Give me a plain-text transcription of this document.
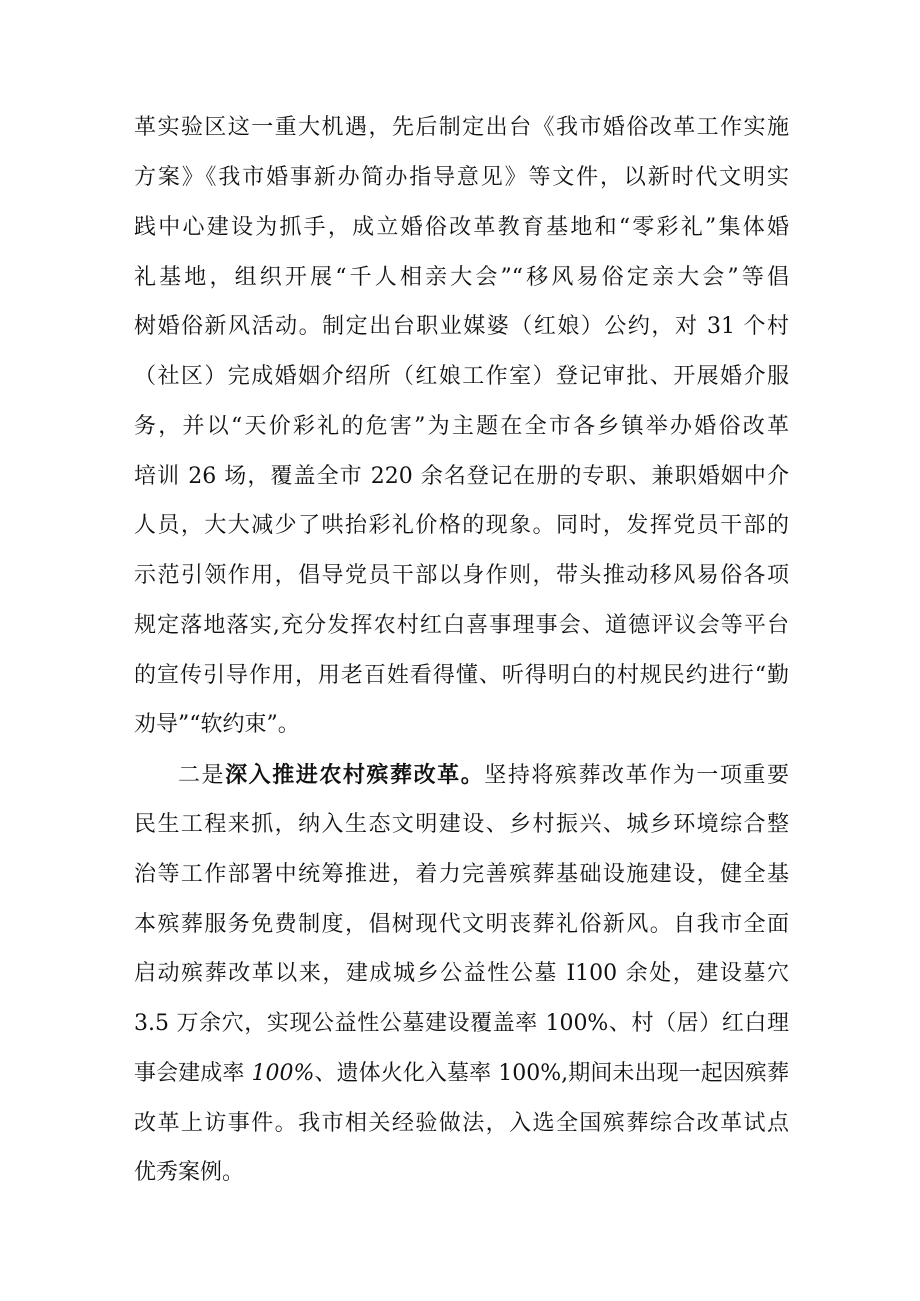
革实验区这一重大机遇，先后制定出台《我市婚俗改革工作实施
方案》《我市婚事新办简办指导意见》等文件，以新时代文明实
践中心建设为抓手，成立婚俗改革教育基地和“零彩礼”集体婚
礼基地，组织开展“千人相亲大会”“移风易俗定亲大会”等倡
树婚俗新风活动。制定出台职业媒婆（红娘）公约，对 31 个村
（社区）完成婚姻介绍所（红娘工作室）登记审批、开展婚介服
务，并以“天价彩礼的危害”为主题在全市各乡镇举办婚俗改革
培训 26 场，覆盖全市 220 余名登记在册的专职、兼职婚姻中介
人员，大大减少了哄抬彩礼价格的现象。同时，发挥党员干部的
示范引领作用，倡导党员干部以身作则，带头推动移风易俗各项
规定落地落实,充分发挥农村红白喜事理事会、道德评议会等平台
的宣传引导作用，用老百姓看得懂、听得明白的村规民约进行“勤
劝导”“软约束”。
二是深入推进农村殡葬改革。坚持将殡葬改革作为一项重要
民生工程来抓，纳入生态文明建设、乡村振兴、城乡环境综合整
治等工作部署中统筹推进，着力完善殡葬基础设施建设，健全基
本殡葬服务免费制度，倡树现代文明丧葬礼俗新风。自我市全面
启动殡葬改革以来，建成城乡公益性公墓 I100 余处，建设墓穴
3.5 万余穴，实现公益性公墓建设覆盖率 100%、村（居）红白理
事会建成率 100%、遗体火化入墓率 100%,期间未出现一起因殡葬
改革上访事件。我市相关经验做法，入选全国殡葬综合改革试点
优秀案例。
